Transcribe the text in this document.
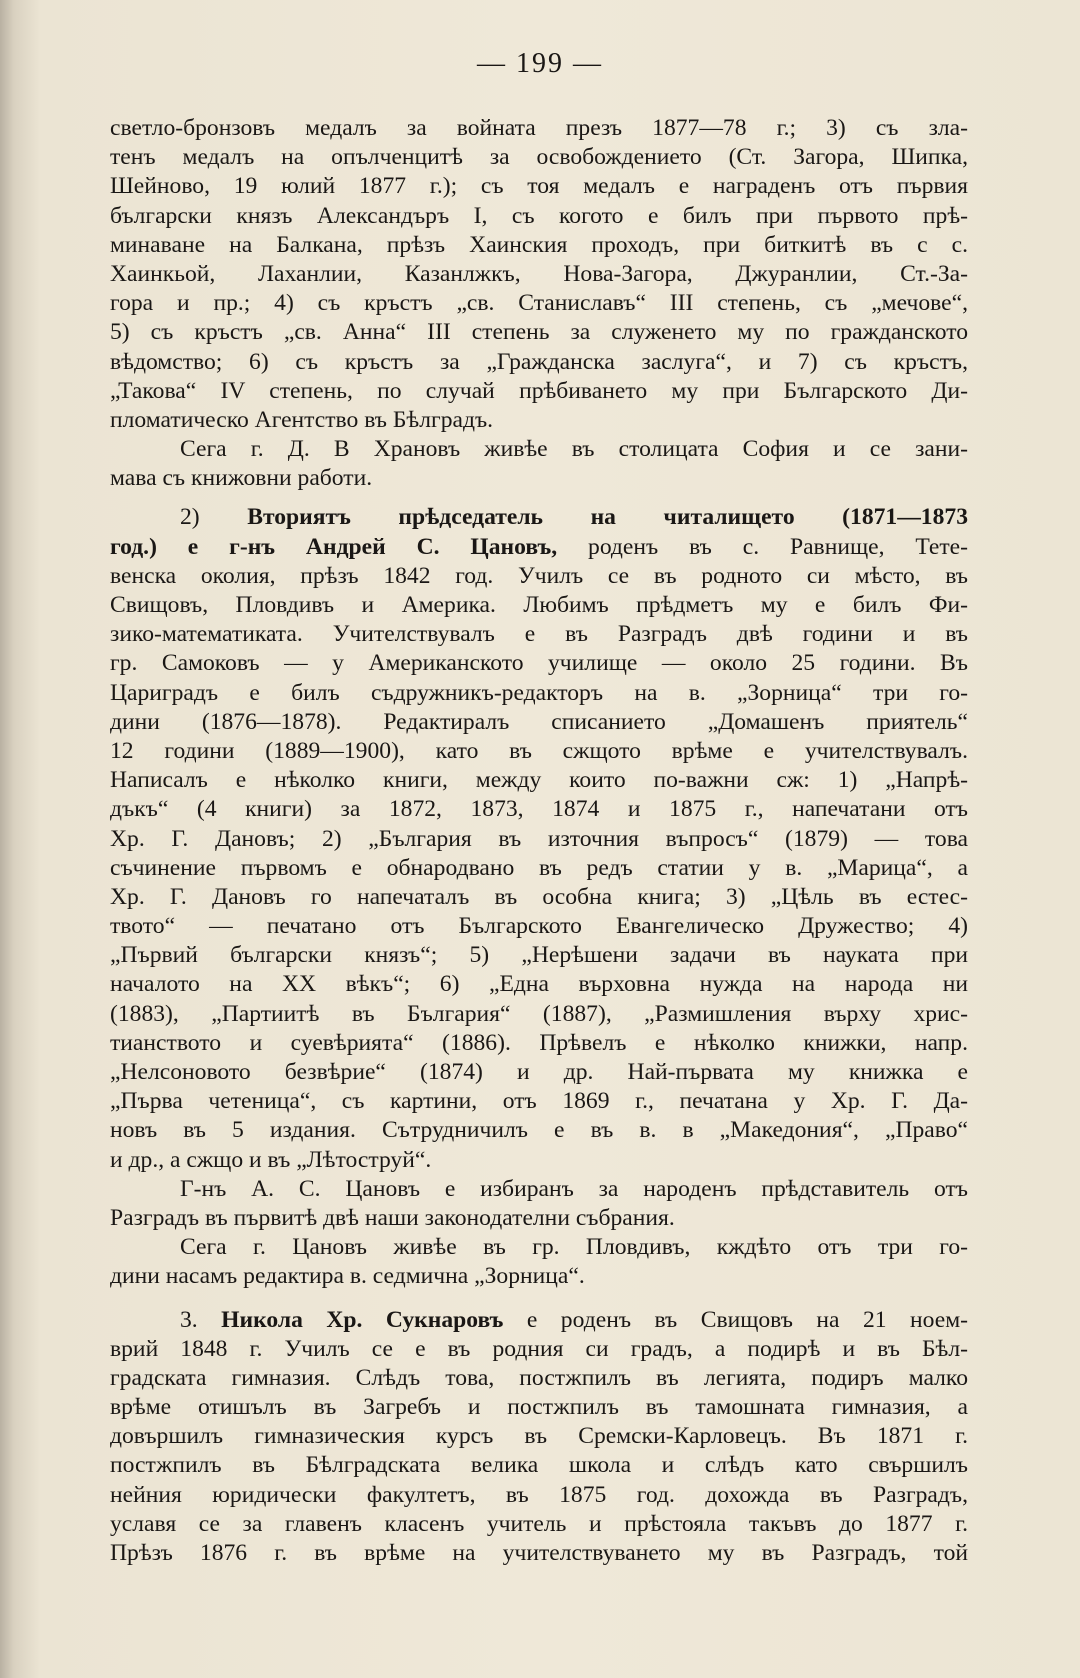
— 199 —
светло-бронзовъ медалъ за войната презъ 1877—78 г.; 3) съ зла-
тенъ медалъ на опълченцитѣ за освобождението (Ст. Загора, Шипка,
Шейново, 19 юлий 1877 г.); съ тоя медалъ е награденъ отъ първия
български князъ Александъръ I, съ когото е билъ при първото прѣ-
минаване на Балкана, прѣзъ Хаинския проходъ, при биткитѣ въ с с.
Хаинкьой, Лаханлии, Казанлжкъ, Нова-Загора, Джуранлии, Ст.-За-
гора и пр.; 4) съ кръстъ „св. Станиславъ“ III степень, съ „мечове“,
5) съ кръстъ „св. Анна“ III степень за служенето му по гражданското
вѣдомство; 6) съ кръстъ за „Гражданска заслуга“, и 7) съ кръстъ,
„Такова“ IV степень, по случай прѣбиването му при Българското Ди-
пломатическо Агентство въ Бѣлградъ.
Сега г. Д. В Храновъ живѣе въ столицата София и се зани-
мава съ книжовни работи.
2) Вториятъ прѣдседатель на читалището (1871—1873
год.) е г-нъ Андрей С. Цановъ, роденъ въ с. Равнище, Тете-
венска околия, прѣзъ 1842 год. Училъ се въ родното си мѣсто, въ
Свищовъ, Пловдивъ и Америка. Любимъ прѣдметъ му е билъ Фи-
зико-математиката. Учителствувалъ е въ Разградъ двѣ години и въ
гр. Самоковъ — у Американското училище — около 25 години. Въ
Цариградъ е билъ съдружникъ-редакторъ на в. „Зорница“ три го-
дини (1876—1878). Редактиралъ списанието „Домашенъ приятель“
12 години (1889—1900), като въ сжщото врѣме е учителствувалъ.
Написалъ е нѣколко книги, между които по-важни сж: 1) „Напрѣ-
дъкъ“ (4 книги) за 1872, 1873, 1874 и 1875 г., напечатани отъ
Хр. Г. Дановъ; 2) „България въ източния въпросъ“ (1879) — това
съчинение първомъ е обнародвано въ редъ статии у в. „Марица“, а
Хр. Г. Дановъ го напечаталъ въ особна книга; 3) „Цѣль въ естес-
твото“ — печатано отъ Българското Евангелическо Дружество; 4)
„Първий български князъ“; 5) „Нерѣшени задачи въ науката при
началото на XX вѣкъ“; 6) „Една върховна нужда на народа ни
(1883), „Партиитѣ въ България“ (1887), „Размишления върху хрис-
тианството и суевѣрията“ (1886). Прѣвелъ е нѣколко книжки, напр.
„Нелсоновото безвѣрие“ (1874) и др. Най-първата му книжка е
„Първа четеница“, съ картини, отъ 1869 г., печатана у Хр. Г. Да-
новъ въ 5 издания. Сътрудничилъ е въ в. в „Македония“, „Право“
и др., а сжщо и въ „Лѣтоструй“.
Г-нъ А. С. Цановъ е избиранъ за народенъ прѣдставитель отъ
Разградъ въ първитѣ двѣ наши законодателни събрания.
Сега г. Цановъ живѣе въ гр. Пловдивъ, кждѣто отъ три го-
дини насамъ редактира в. седмична „Зорница“.
3. Никола Хр. Сукнаровъ е роденъ въ Свищовъ на 21 ноем-
врий 1848 г. Училъ се е въ родния си градъ, а подирѣ и въ Бѣл-
градската гимназия. Слѣдъ това, постжпилъ въ легията, подиръ малко
врѣме отишълъ въ Загребъ и постжпилъ въ тамошната гимназия, а
довършилъ гимназическия курсъ въ Сремски-Карловецъ. Въ 1871 г.
постжпилъ въ Бѣлградската велика школа и слѣдъ като свършилъ
нейния юридически факултетъ, въ 1875 год. дохожда въ Разградъ,
уславя се за главенъ класенъ учитель и прѣстояла такъвъ до 1877 г.
Прѣзъ 1876 г. въ врѣме на учителствуването му въ Разградъ, той
